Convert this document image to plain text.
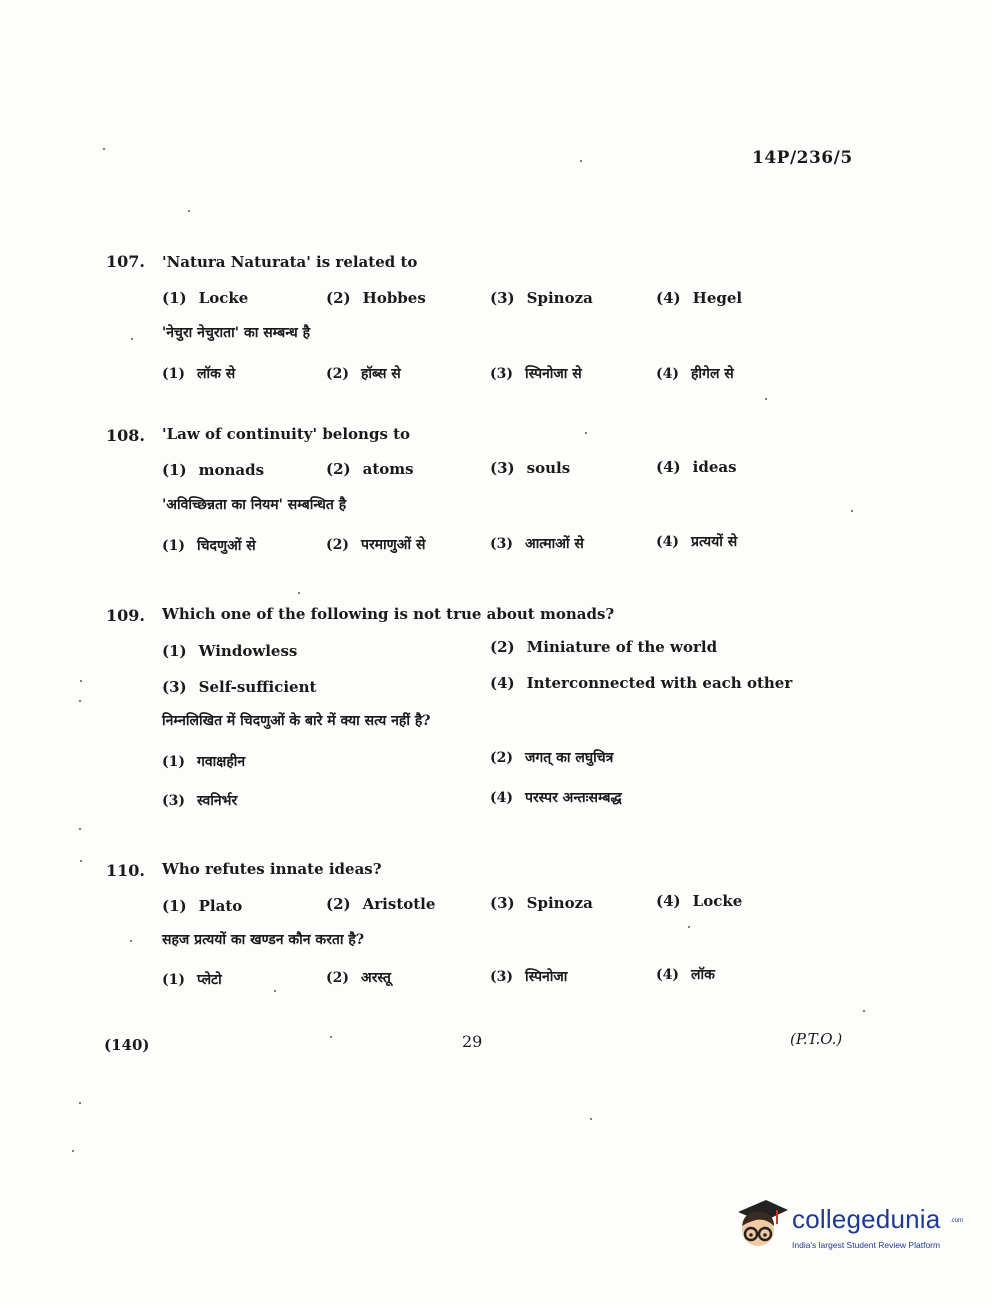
14P/236/5
107. 'Natura Naturata' is related to
(1) Locke	(2) Hobbes	(3) Spinoza	(4) Hegel
'नेचुरा नेचुराता' का सम्बन्ध है
(1) लॉक से	(2) हॉब्स से	(3) स्पिनोजा से	(4) हीगेल से
108. 'Law of continuity' belongs to
(1) monads	(2) atoms	(3) souls	(4) ideas
'अविच्छिन्नता का नियम' सम्बन्धित है
(1) चिदणुओं से	(2) परमाणुओं से	(3) आत्माओं से	(4) प्रत्ययों से
109. Which one of the following is not true about monads?
(1) Windowless	(2) Miniature of the world
(3) Self-sufficient	(4) Interconnected with each other
निम्नलिखित में चिदणुओं के बारे में क्या सत्य नहीं है?
(1) गवाक्षहीन	(2) जगत् का लघुचित्र
(3) स्वनिर्भर	(4) परस्पर अन्तःसम्बद्ध
110. Who refutes innate ideas?
(1) Plato	(2) Aristotle	(3) Spinoza	(4) Locke
सहज प्रत्ययों का खण्डन कौन करता है?
(1) प्लेटो	(2) अरस्तू	(3) स्पिनोजा	(4) लॉक
(140)	29	(P.T.O.)
collegedunia .com
India's largest Student Review Platform
